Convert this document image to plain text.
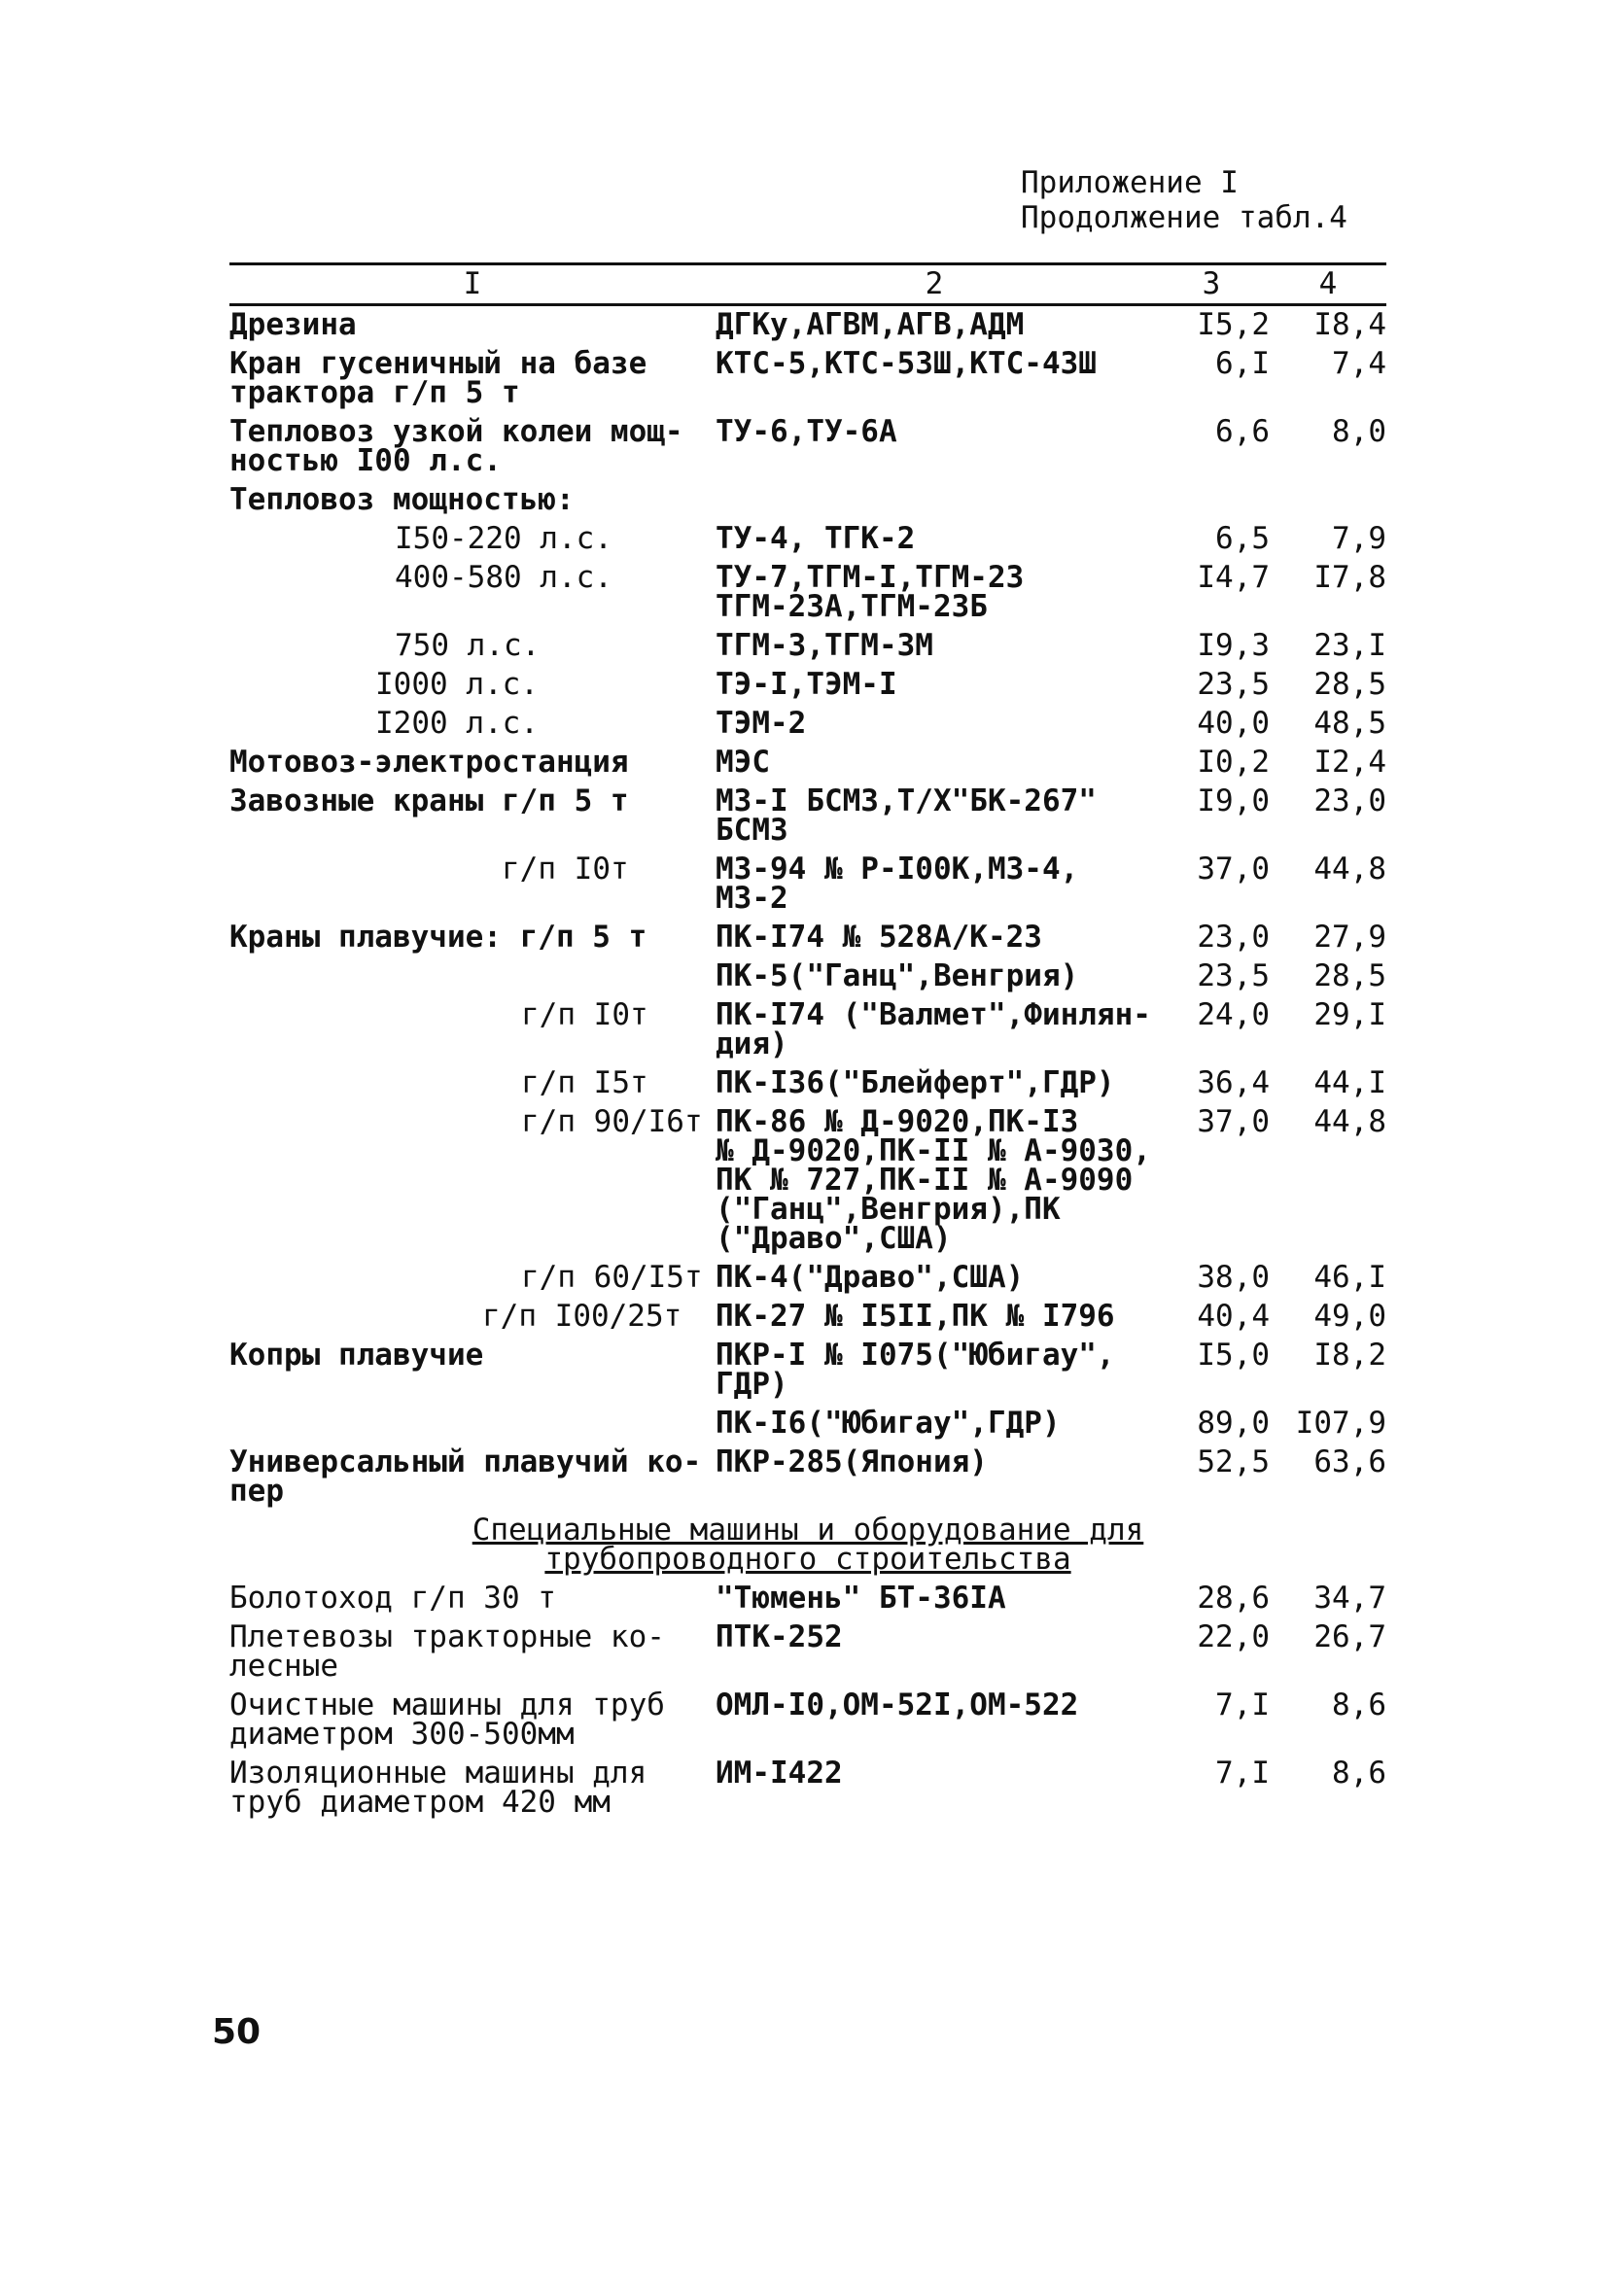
Приложение I
Продолжение табл.4
I	2	3	4
Дрезина	ДГКу,АГВМ,АГВ,АДМ	I5,2	I8,4
Кран гусеничный на базе
трактора г/п 5 т	КТС-5,КТС-53Ш,КТС-43Ш	6,I	7,4
Тепловоз узкой колеи мощ-
ностью I00 л.с.	ТУ-6,ТУ-6А	6,6	8,0
Тепловоз мощностью:			
I50-220 л.с.	ТУ-4, ТГК-2	6,5	7,9
400-580 л.с.	ТУ-7,ТГМ-I,ТГМ-23
ТГМ-23А,ТГМ-23Б	I4,7	I7,8
750 л.с.	ТГМ-3,ТГМ-3М	I9,3	23,I
I000 л.с.	ТЭ-I,ТЭМ-I	23,5	28,5
I200 л.с.	ТЭМ-2	40,0	48,5
Мотовоз-электростанция	МЭС	I0,2	I2,4
Завозные краны г/п 5 т	МЗ-I БСМЗ,Т/Х"БК-267"
БСМЗ	I9,0	23,0
г/п I0т	МЗ-94 № Р-I00К,МЗ-4,
МЗ-2	37,0	44,8
Краны плавучие: г/п 5 т	ПК-I74 № 528А/К-23	23,0	27,9
	ПК-5("Ганц",Венгрия)	23,5	28,5
г/п I0т	ПК-I74 ("Валмет",Финлян-
дия)	24,0	29,I
г/п I5т	ПК-I36("Блейферт",ГДР)	36,4	44,I
г/п 90/I6т	ПК-86 № Д-9020,ПК-I3
№ Д-9020,ПК-II № А-9030,
ПК № 727,ПК-II № А-9090
("Ганц",Венгрия),ПК
("Драво",США)	37,0	44,8
г/п 60/I5т	ПК-4("Драво",США)	38,0	46,I
г/п I00/25т	ПК-27 № I5II,ПК № I796	40,4	49,0
Копры плавучие	ПКР-I № I075("Юбигау",
ГДР)	I5,0	I8,2
	ПК-I6("Юбигау",ГДР)	89,0	I07,9
Универсальный плавучий ко-
пер	ПКР-285(Япония)	52,5	63,6
Специальные машины и оборудование для
трубопроводного строительства			
Болотоход г/п 30 т	"Тюмень" БТ-36IА	28,6	34,7
Плетевозы тракторные ко-
лесные	ПТК-252	22,0	26,7
Очистные машины для труб
диаметром 300-500мм	ОМЛ-I0,ОМ-52I,ОМ-522	7,I	8,6
Изоляционные машины для
труб диаметром 420 мм	ИМ-I422	7,I	8,6
50
